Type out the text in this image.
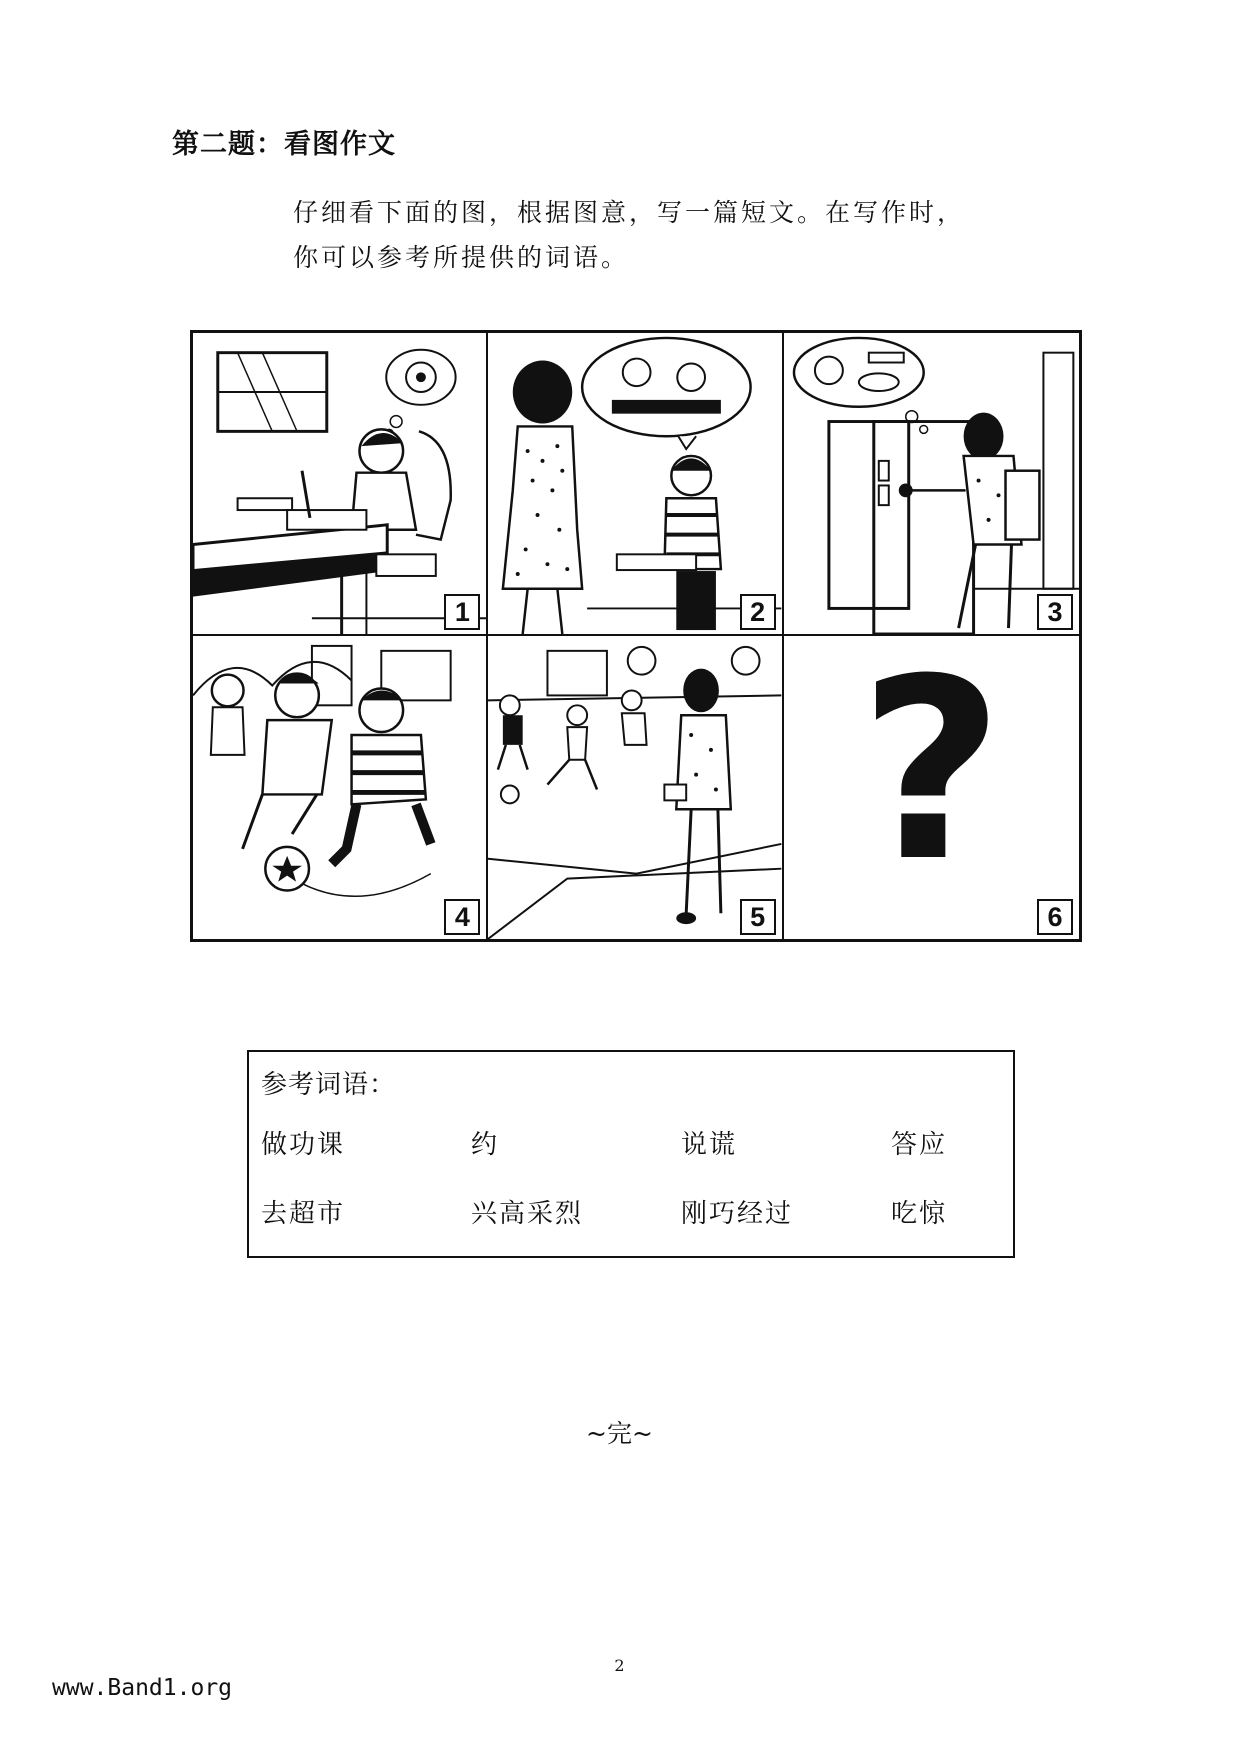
第二题：看图作文
仔细看下面的图，根据图意，写一篇短文。在写作时，
你可以参考所提供的词语。
1	2	3
4	5
?
6
参考词语：
做功课	约	说谎	答应
去超市	兴高采烈	刚巧经过	吃惊
~完~
2
www.Band1.org
